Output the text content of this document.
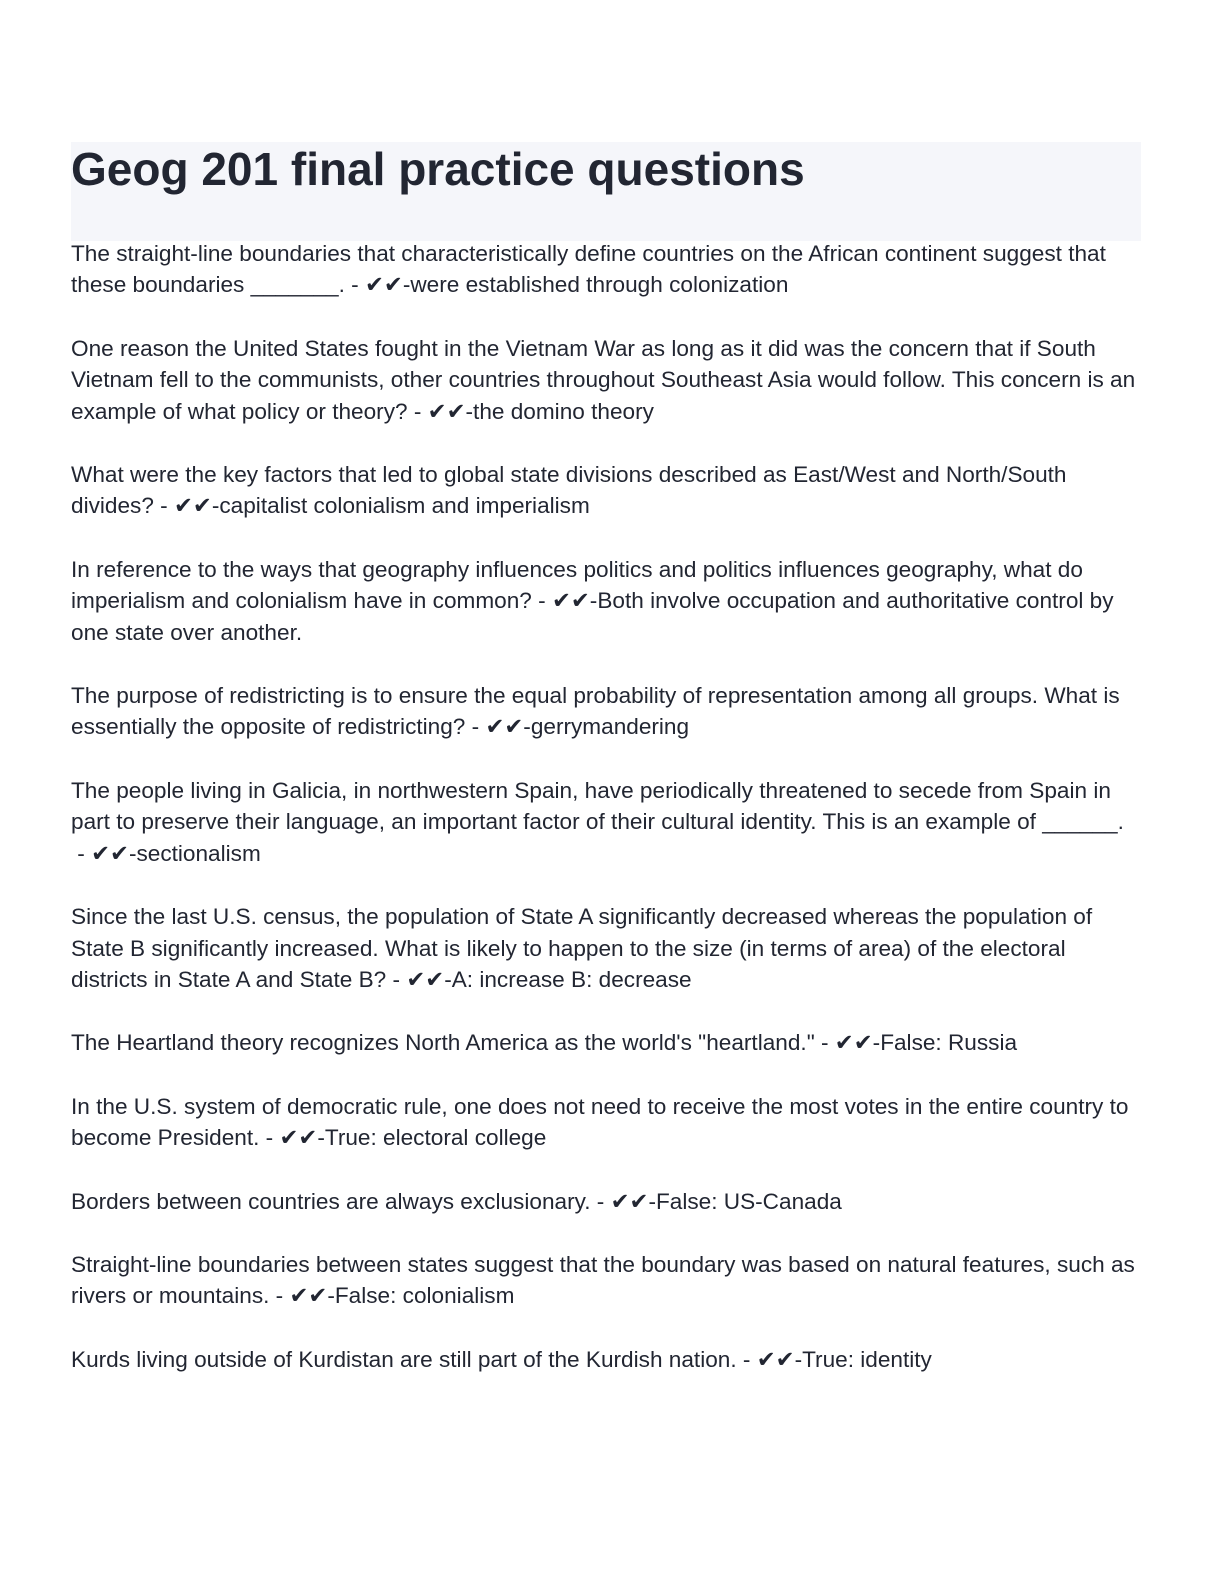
Geog 201 final practice questions

The straight-line boundaries that characteristically define countries on the African continent suggest that these boundaries _______. - ✔✔-were established through colonization

One reason the United States fought in the Vietnam War as long as it did was the concern that if South Vietnam fell to the communists, other countries throughout Southeast Asia would follow. This concern is an example of what policy or theory? - ✔✔-the domino theory

What were the key factors that led to global state divisions described as East/West and North/South divides? - ✔✔-capitalist colonialism and imperialism

In reference to the ways that geography influences politics and politics influences geography, what do imperialism and colonialism have in common? - ✔✔-Both involve occupation and authoritative control by one state over another.

The purpose of redistricting is to ensure the equal probability of representation among all groups. What is essentially the opposite of redistricting? - ✔✔-gerrymandering

The people living in Galicia, in northwestern Spain, have periodically threatened to secede from Spain in part to preserve their language, an important factor of their cultural identity. This is an example of ______. - ✔✔-sectionalism

Since the last U.S. census, the population of State A significantly decreased whereas the population of State B significantly increased. What is likely to happen to the size (in terms of area) of the electoral districts in State A and State B? - ✔✔-A: increase B: decrease

The Heartland theory recognizes North America as the world's "heartland." - ✔✔-False: Russia

In the U.S. system of democratic rule, one does not need to receive the most votes in the entire country to become President. - ✔✔-True: electoral college

Borders between countries are always exclusionary. - ✔✔-False: US-Canada

Straight-line boundaries between states suggest that the boundary was based on natural features, such as rivers or mountains. - ✔✔-False: colonialism

Kurds living outside of Kurdistan are still part of the Kurdish nation. - ✔✔-True: identity
